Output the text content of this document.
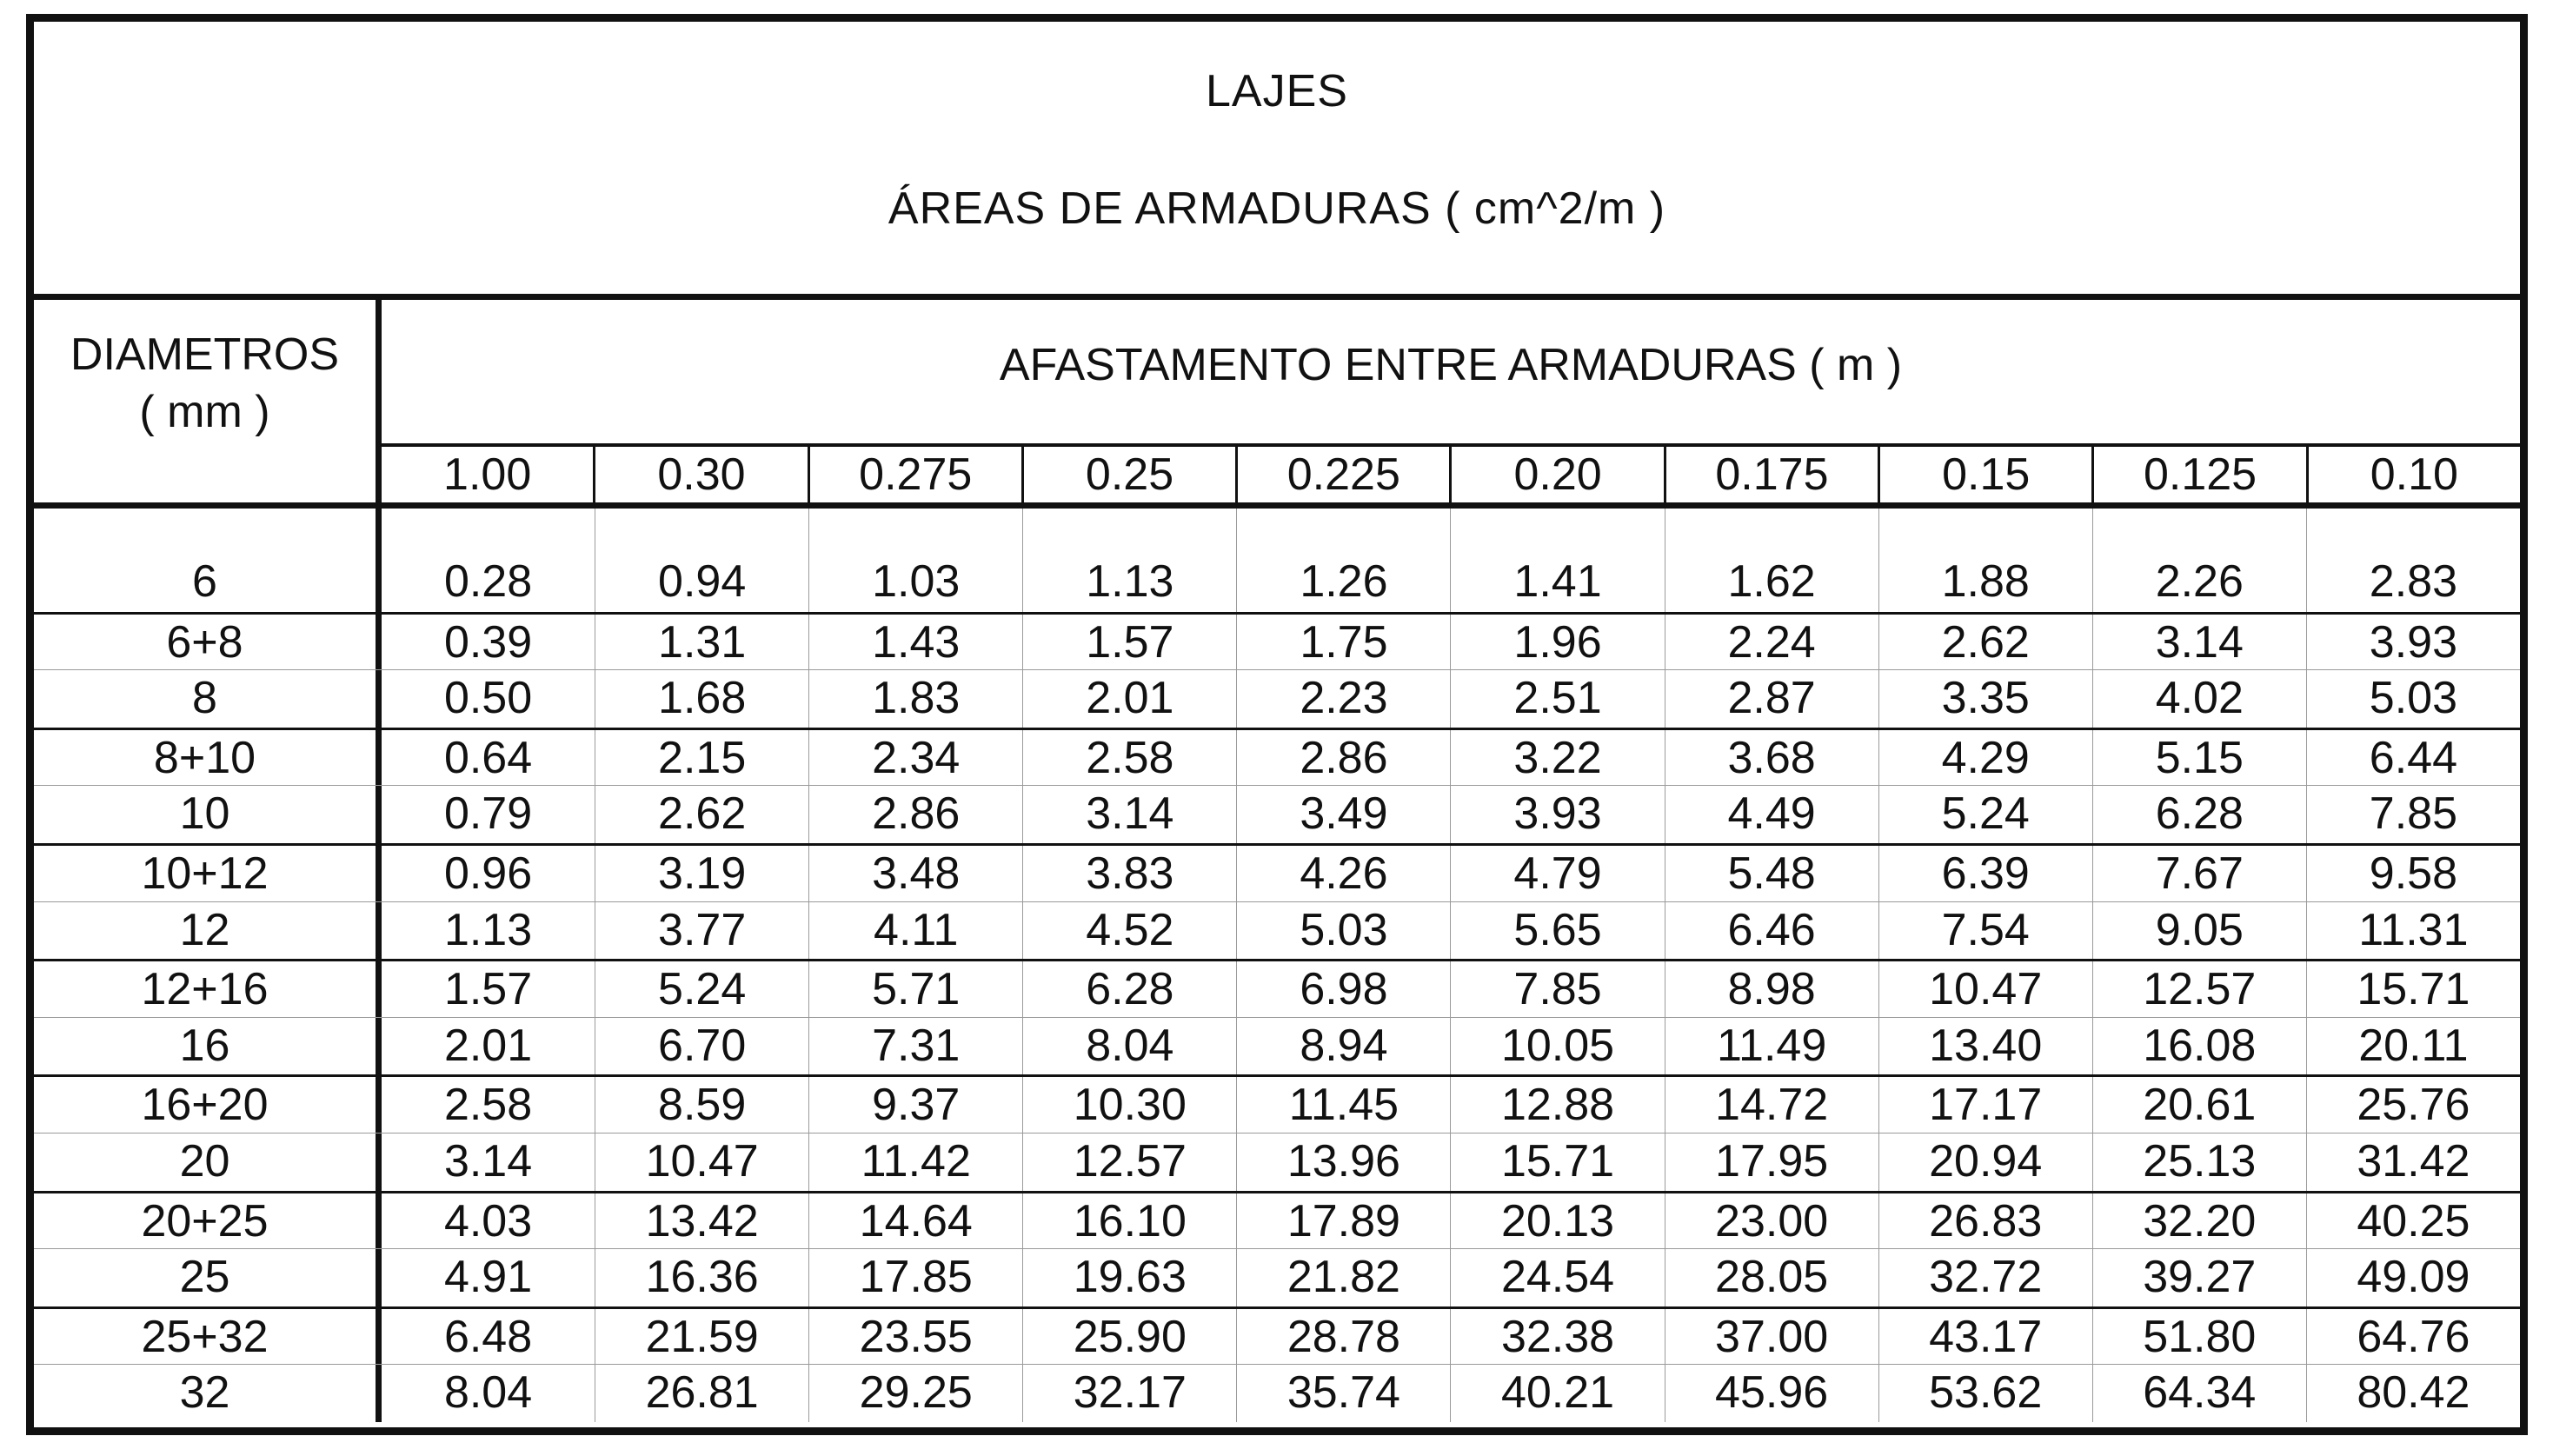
LAJES
ÁREAS DE ARMADURAS ( cm^2/m )
DIAMETROS
( mm )
AFASTAMENTO ENTRE ARMADURAS ( m )
1.00	0.30	0.275	0.25	0.225	0.20	0.175	0.15	0.125	0.10
6	0.28	0.94	1.03	1.13	1.26	1.41	1.62	1.88	2.26	2.83
6+8	0.39	1.31	1.43	1.57	1.75	1.96	2.24	2.62	3.14	3.93
8	0.50	1.68	1.83	2.01	2.23	2.51	2.87	3.35	4.02	5.03
8+10	0.64	2.15	2.34	2.58	2.86	3.22	3.68	4.29	5.15	6.44
10	0.79	2.62	2.86	3.14	3.49	3.93	4.49	5.24	6.28	7.85
10+12	0.96	3.19	3.48	3.83	4.26	4.79	5.48	6.39	7.67	9.58
12	1.13	3.77	4.11	4.52	5.03	5.65	6.46	7.54	9.05	11.31
12+16	1.57	5.24	5.71	6.28	6.98	7.85	8.98	10.47	12.57	15.71
16	2.01	6.70	7.31	8.04	8.94	10.05	11.49	13.40	16.08	20.11
16+20	2.58	8.59	9.37	10.30	11.45	12.88	14.72	17.17	20.61	25.76
20	3.14	10.47	11.42	12.57	13.96	15.71	17.95	20.94	25.13	31.42
20+25	4.03	13.42	14.64	16.10	17.89	20.13	23.00	26.83	32.20	40.25
25	4.91	16.36	17.85	19.63	21.82	24.54	28.05	32.72	39.27	49.09
25+32	6.48	21.59	23.55	25.90	28.78	32.38	37.00	43.17	51.80	64.76
32	8.04	26.81	29.25	32.17	35.74	40.21	45.96	53.62	64.34	80.42
